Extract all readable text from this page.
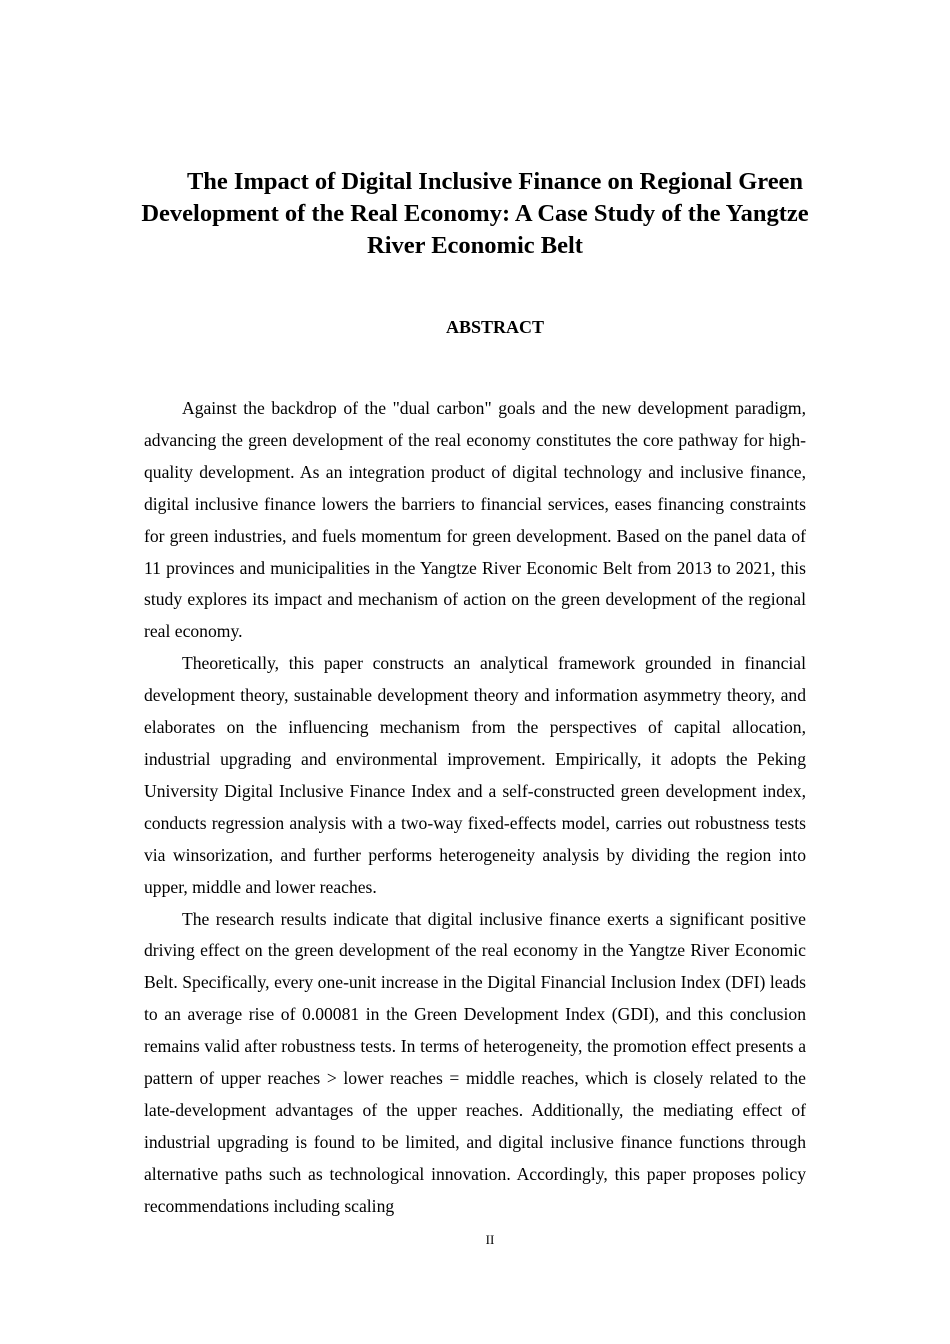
The Impact of Digital Inclusive Finance on Regional Green Development of the Real Economy: A Case Study of the Yangtze River Economic Belt
ABSTRACT

Against the backdrop of the "dual carbon" goals and the new development paradigm, advancing the green development of the real economy constitutes the core pathway for high-quality development. As an integration product of digital technology and inclusive finance, digital inclusive finance lowers the barriers to financial services, eases financing constraints for green industries, and fuels momentum for green development. Based on the panel data of 11 provinces and municipalities in the Yangtze River Economic Belt from 2013 to 2021, this study explores its impact and mechanism of action on the green development of the regional real economy.

Theoretically, this paper constructs an analytical framework grounded in financial development theory, sustainable development theory and information asymmetry theory, and elaborates on the influencing mechanism from the perspectives of capital allocation, industrial upgrading and environmental improvement. Empirically, it adopts the Peking University Digital Inclusive Finance Index and a self-constructed green development index, conducts regression analysis with a two-way fixed-effects model, carries out robustness tests via winsorization, and further performs heterogeneity analysis by dividing the region into upper, middle and lower reaches.

The research results indicate that digital inclusive finance exerts a significant positive driving effect on the green development of the real economy in the Yangtze River Economic Belt. Specifically, every one-unit increase in the Digital Financial Inclusion Index (DFI) leads to an average rise of 0.00081 in the Green Development Index (GDI), and this conclusion remains valid after robustness tests. In terms of heterogeneity, the promotion effect presents a pattern of upper reaches > lower reaches = middle reaches, which is closely related to the late-development advantages of the upper reaches. Additionally, the mediating effect of industrial upgrading is found to be limited, and digital inclusive finance functions through alternative paths such as technological innovation. Accordingly, this paper proposes policy recommendations including scaling

II
